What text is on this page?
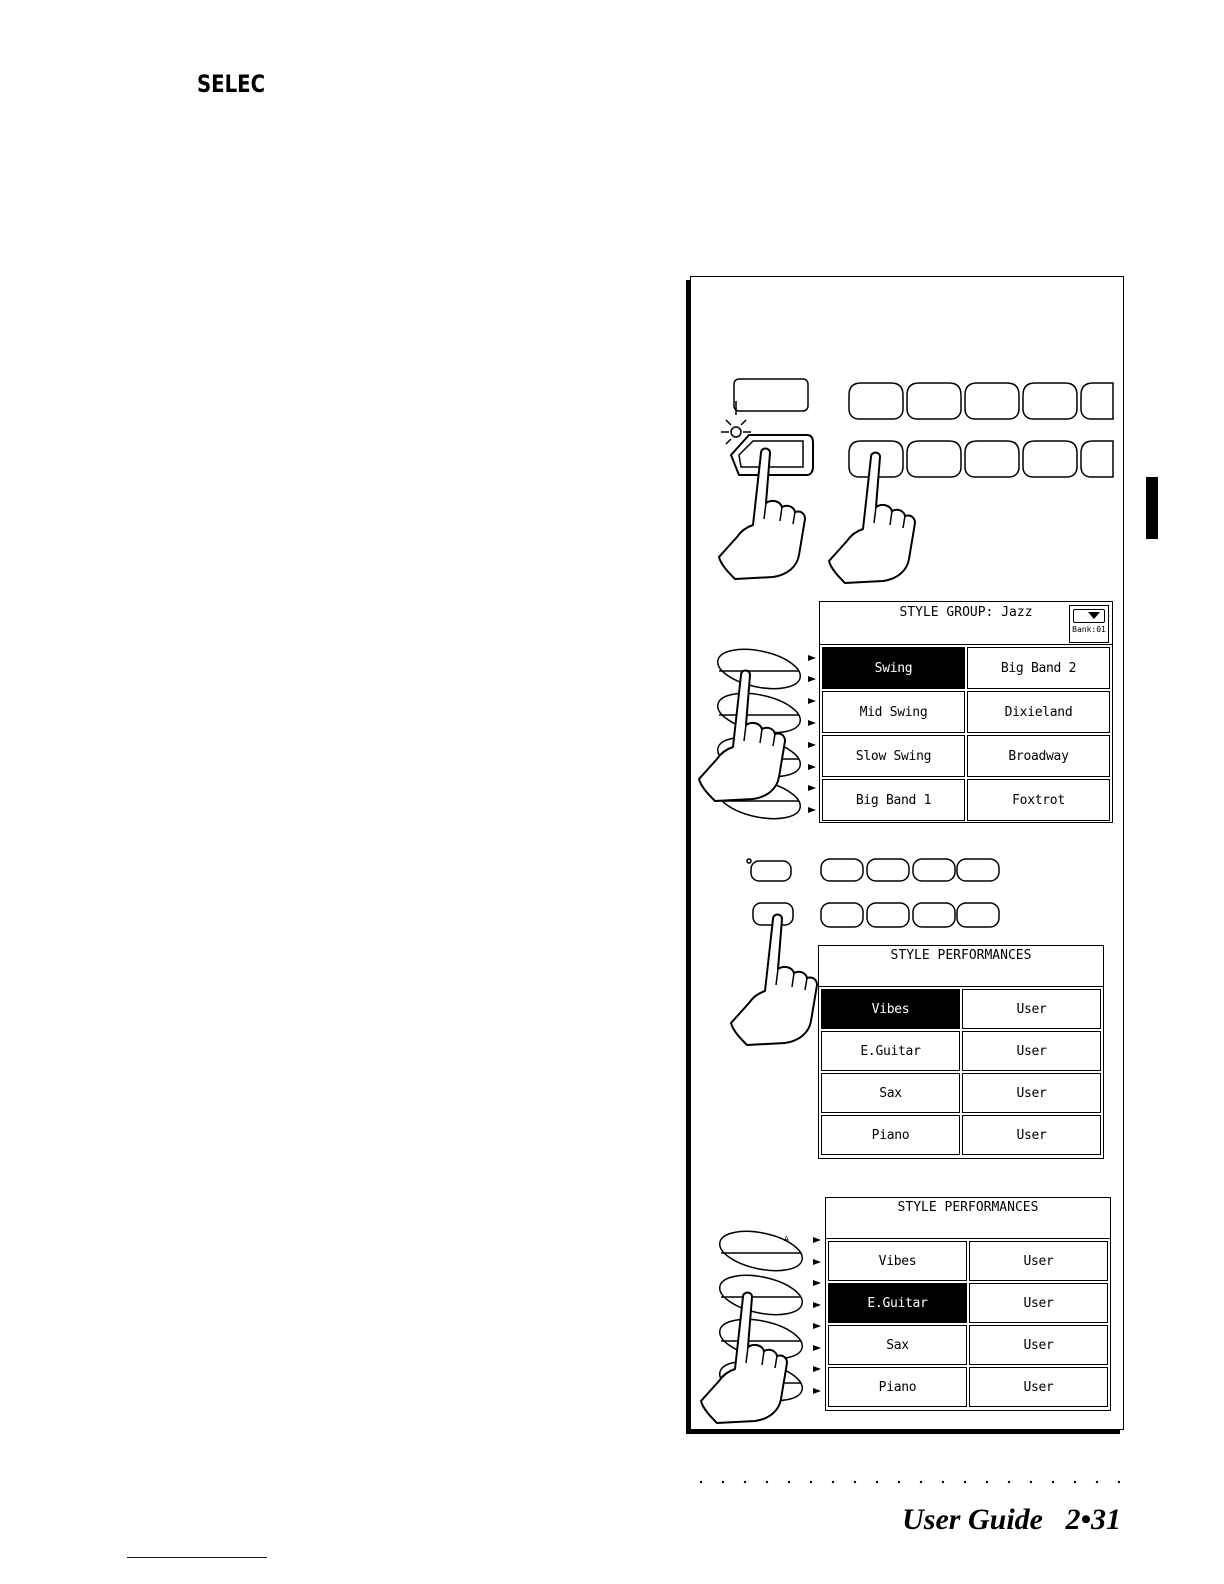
SELEC
A
STYLE GROUP: Jazz
Bank:01
Swing	Big Band 2
Mid Swing	Dixieland
Slow Swing	Broadway
Big Band 1	Foxtrot
STYLE PERFORMANCES
Vibes	User
E.Guitar	User
Sax	User
Piano	User
STYLE PERFORMANCES
Vibes	User
E.Guitar	User
Sax	User
Piano	User
User Guide 2•31
